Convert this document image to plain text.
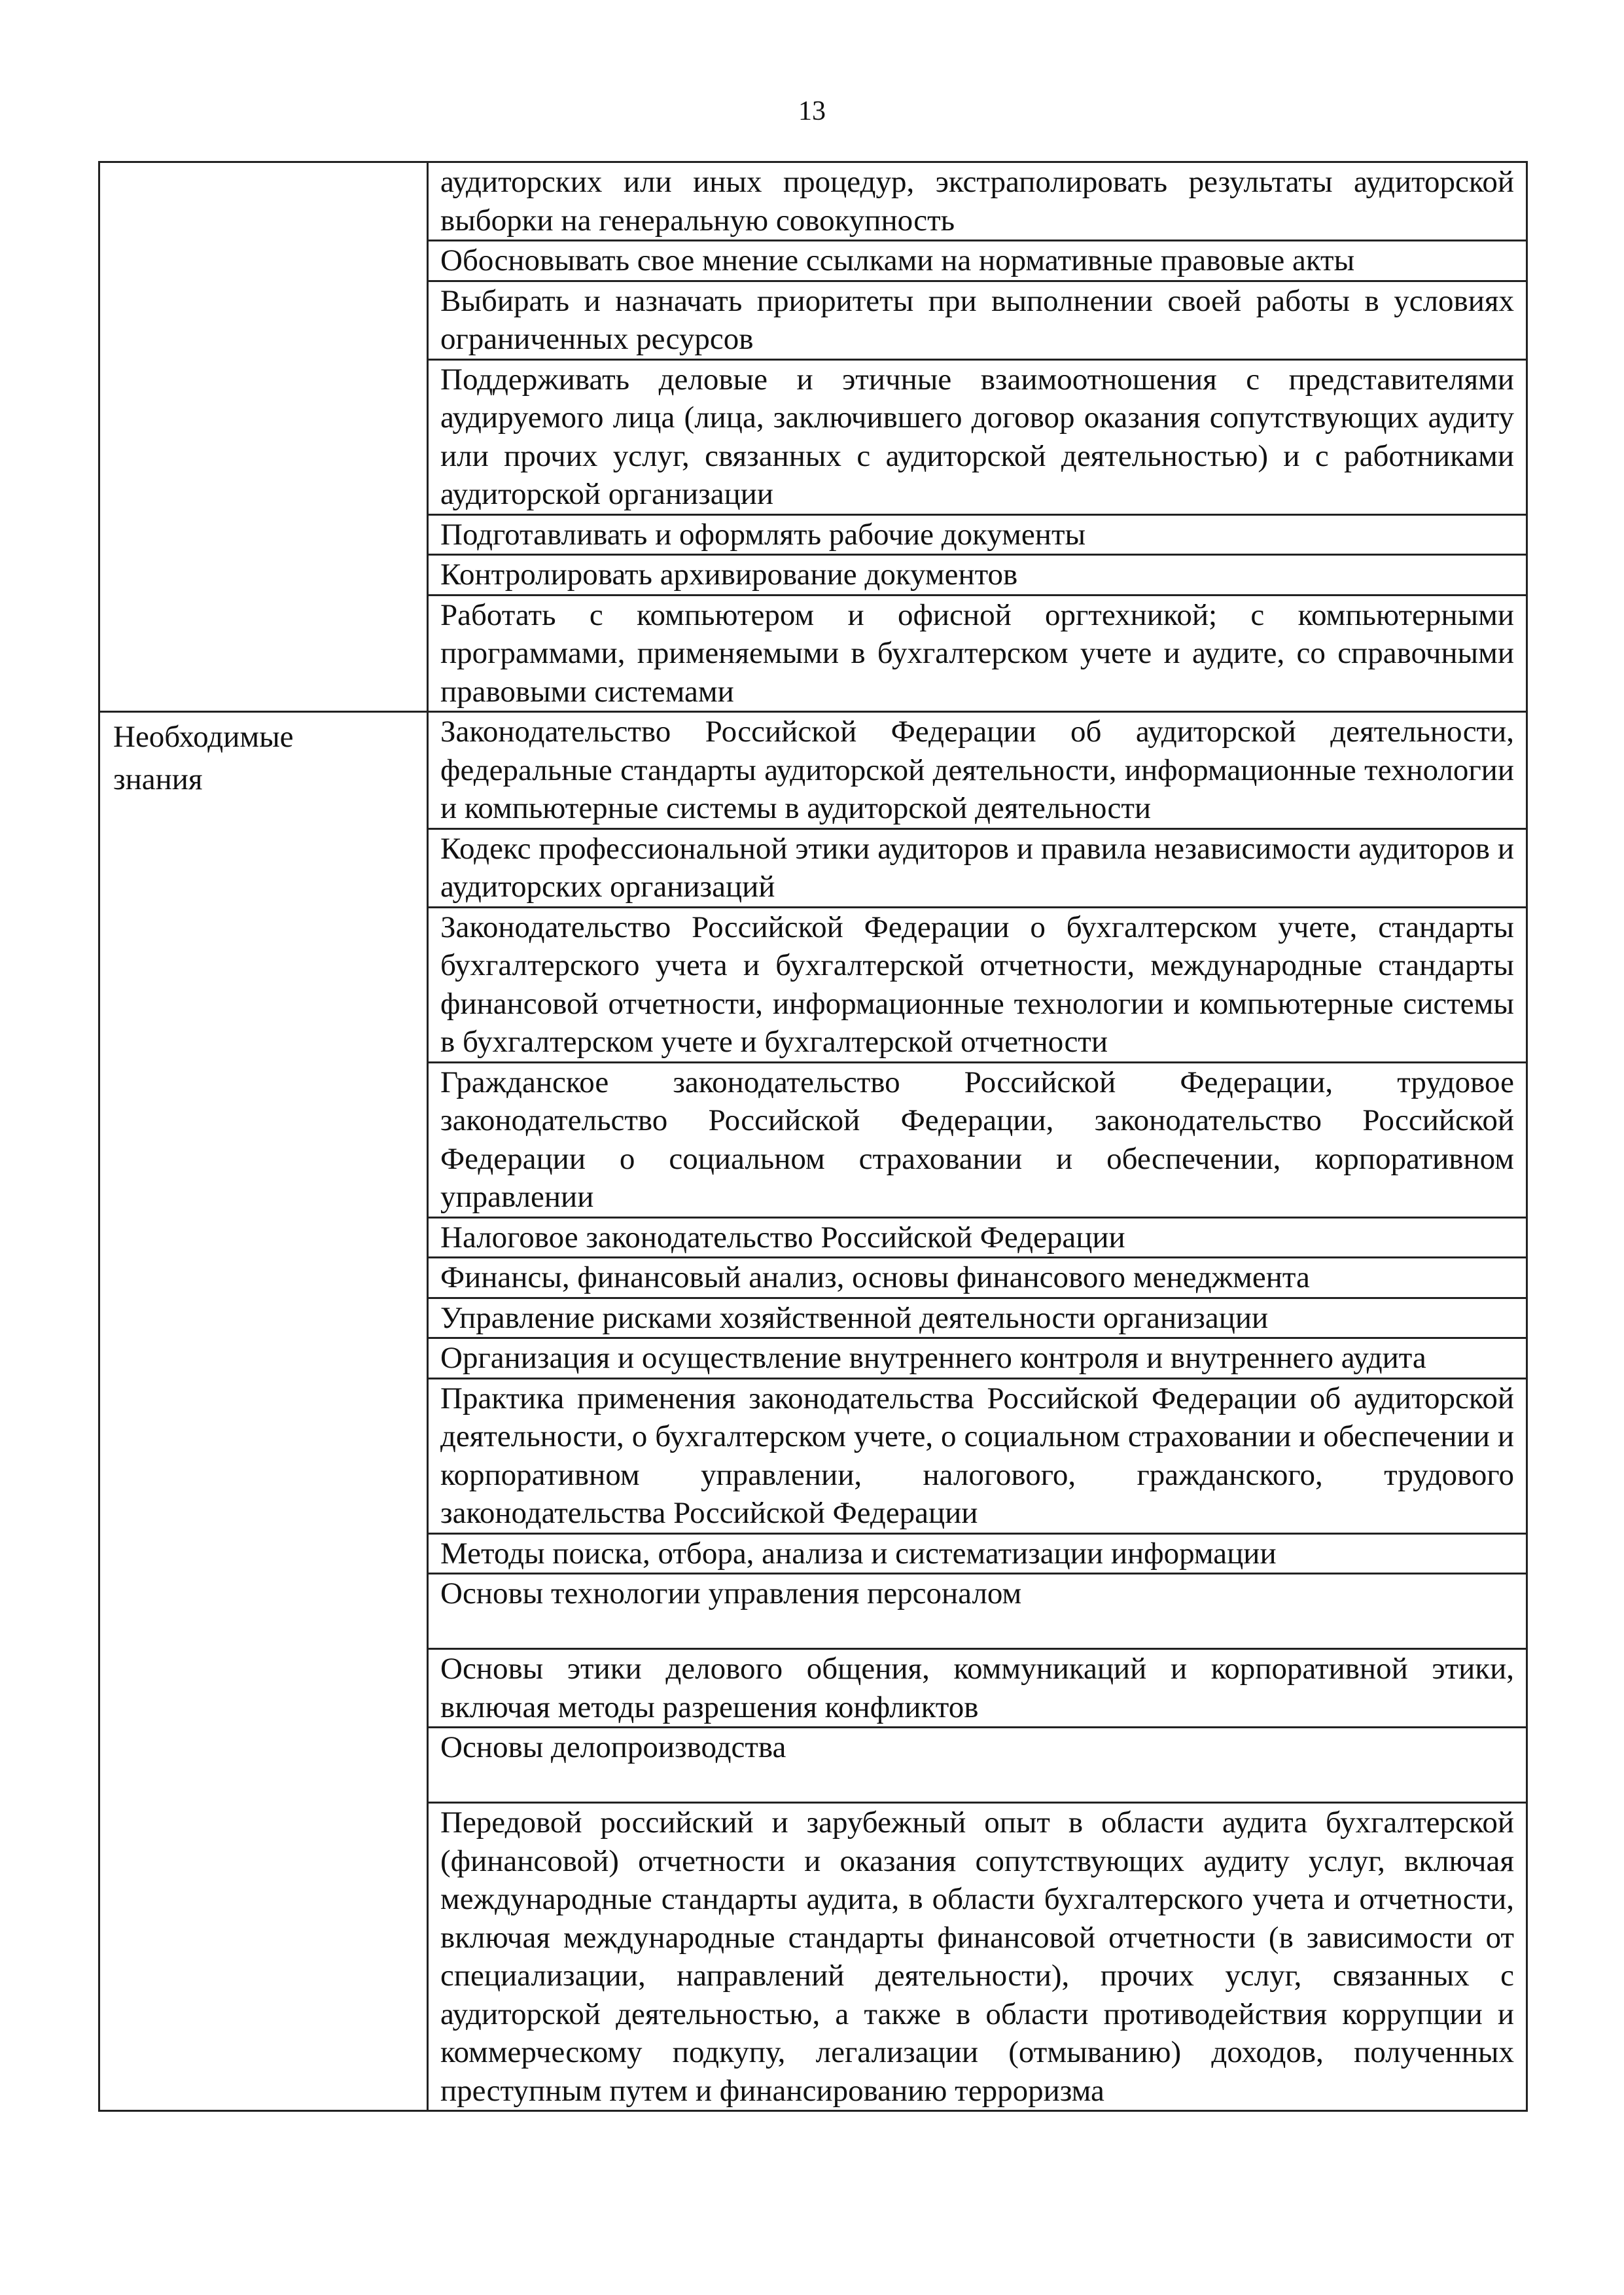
13
	аудиторских или иных процедур, экстраполировать результаты аудиторской выборки на генеральную совокупность
	Обосновывать свое мнение ссылками на нормативные правовые акты
	Выбирать и назначать приоритеты при выполнении своей работы в условиях ограниченных ресурсов
	Поддерживать деловые и этичные взаимоотношения с представителями аудируемого лица (лица, заключившего договор оказания сопутствующих аудиту или прочих услуг, связанных с аудиторской деятельностью) и с работниками аудиторской организации
	Подготавливать и оформлять рабочие документы
	Контролировать архивирование документов
	Работать с компьютером и офисной оргтехникой; с компьютерными программами, применяемыми в бухгалтерском учете и аудите, со справочными правовыми системами

Необходимые
знания	Законодательство Российской Федерации об аудиторской деятельности, федеральные стандарты аудиторской деятельности, информационные технологии и компьютерные системы в аудиторской деятельности
	Кодекс профессиональной этики аудиторов и правила независимости аудиторов и аудиторских организаций
	Законодательство Российской Федерации о бухгалтерском учете, стандарты бухгалтерского учета и бухгалтерской отчетности, международные стандарты финансовой отчетности, информационные технологии и компьютерные системы в бухгалтерском учете и бухгалтерской отчетности
	Гражданское законодательство Российской Федерации, трудовое законодательство Российской Федерации, законодательство Российской Федерации о социальном страховании и обеспечении, корпоративном управлении
	Налоговое законодательство Российской Федерации
	Финансы, финансовый анализ, основы финансового менеджмента
	Управление рисками хозяйственной деятельности организации
	Организация и осуществление внутреннего контроля и внутреннего аудита
	Практика применения законодательства Российской Федерации об аудиторской деятельности, о бухгалтерском учете, о социальном страховании и обеспечении и корпоративном управлении, налогового, гражданского, трудового законодательства Российской Федерации
	Методы поиска, отбора, анализа и систематизации информации
	Основы технологии управления персоналом
	Основы этики делового общения, коммуникаций и корпоративной этики, включая методы разрешения конфликтов
	Основы делопроизводства
	Передовой российский и зарубежный опыт в области аудита бухгалтерской (финансовой) отчетности и оказания сопутствующих аудиту услуг, включая международные стандарты аудита, в области бухгалтерского учета и отчетности, включая международные стандарты финансовой отчетности (в зависимости от специализации, направлений деятельности), прочих услуг, связанных с аудиторской деятельностью, а также в области противодействия коррупции и коммерческому подкупу, легализации (отмыванию) доходов, полученных преступным путем и финансированию терроризма
